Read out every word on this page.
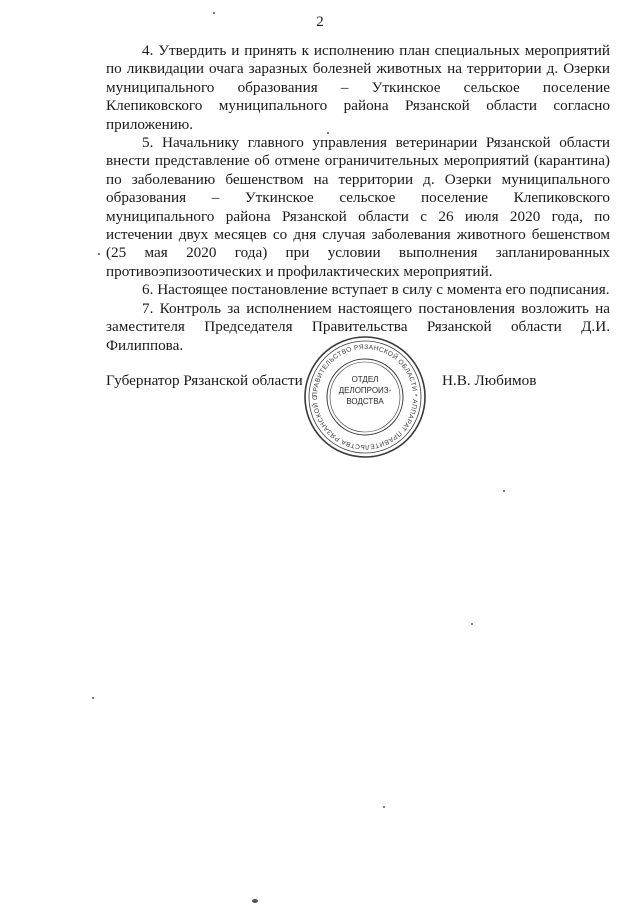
2

4. Утвердить и принять к исполнению план специальных мероприятий по ликвидации очага заразных болезней животных на территории д. Озерки муниципального образования – Уткинское сельское поселение Клепиковского муниципального района Рязанской области согласно приложению.

5. Начальнику главного управления ветеринарии Рязанской области внести представление об отмене ограничительных мероприятий (карантина) по заболеванию бешенством на территории д. Озерки муниципального образования – Уткинское сельское поселение Клепиковского муниципального района Рязанской области с 26 июля 2020 года, по истечении двух месяцев со дня случая заболевания животного бешенством (25 мая 2020 года) при условии выполнения запланированных противоэпизоотических и профилактических мероприятий.

6. Настоящее постановление вступает в силу с момента его подписания.

7. Контроль за исполнением настоящего постановления возложить на заместителя Председателя Правительства Рязанской области Д.И. Филиппова.

Губернатор Рязанской области	Н.В. Любимов
ПРАВИТЕЛЬСТВО РЯЗАНСКОЙ ОБЛАСТИ * АППАРАТ ПРАВИТЕЛЬСТВА РЯЗАНСКОЙ О
ОТДЕЛ
ДЕЛОПРОИЗ-
ВОДСТВА
